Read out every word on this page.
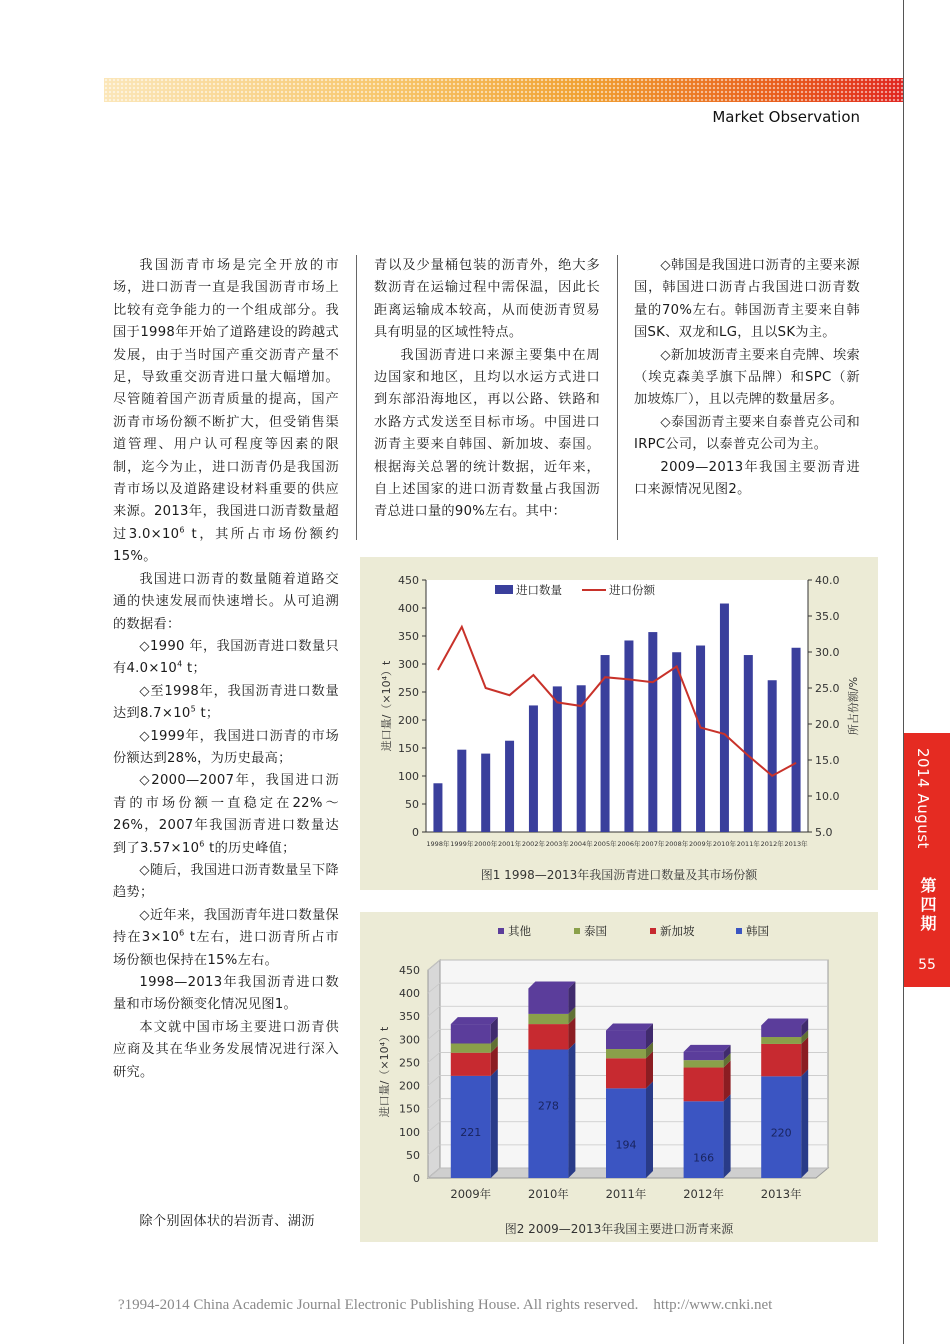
Market Observation

我国沥青市场是完全开放的市场，进口沥青一直是我国沥青市场上比较有竞争能力的一个组成部分。我国于1998年开始了道路建设的跨越式发展，由于当时国产重交沥青产量不足，导致重交沥青进口量大幅增加。尽管随着国产沥青质量的提高，国产沥青市场份额不断扩大，但受销售渠道管理、用户认可程度等因素的限制，迄今为止，进口沥青仍是我国沥青市场以及道路建设材料重要的供应来源。2013年，我国进口沥青数量超过$3.0\times 10^6$ t，其所占市场份额约15%。

我国进口沥青的数量随着道路交通的快速发展而快速增长。从可追溯的数据看：

◇1990 年，我国沥青进口数量只有$4.0\times 10^4$ t；

◇至1998年，我国沥青进口数量达到$8.7\times 10^5$ t；

◇1999年，我国进口沥青的市场份额达到28%，为历史最高；

◇2000—2007年，我国进口沥青的市场份额一直稳定在22%～26%，2007年我国沥青进口数量达到了$3.57\times 10^6$ t的历史峰值；

◇随后，我国进口沥青数量呈下降趋势；

◇近年来，我国沥青年进口数量保持在$3\times 10^6$ t左右，进口沥青所占市场份额也保持在15%左右。

1998—2013年我国沥青进口数量和市场份额变化情况见图1。

本文就中国市场主要进口沥青供应商及其在华业务发展情况进行深入研究。

除个别固体状的岩沥青、湖沥

青以及少量桶包装的沥青外，绝大多数沥青在运输过程中需保温，因此长距离运输成本较高，从而使沥青贸易具有明显的区域性特点。

我国沥青进口来源主要集中在周边国家和地区，且均以水运方式进口到东部沿海地区，再以公路、铁路和水路方式发送至目标市场。中国进口沥青主要来自韩国、新加坡、泰国。根据海关总署的统计数据，近年来，自上述国家的进口沥青数量占我国沥青总进口量的90%左右。其中：

◇韩国是我国进口沥青的主要来源国，韩国进口沥青占我国进口沥青数量的70%左右。韩国沥青主要来自韩国SK、双龙和LG，且以SK为主。

◇新加坡沥青主要来自壳牌、埃索（埃克森美孚旗下品牌）和SPC（新加坡炼厂），且以壳牌的数量居多。

◇泰国沥青主要来自泰普克公司和IRPC公司，以泰普克公司为主。

2009—2013年我国主要沥青进口来源情况见图2。

0
50
100
150
200
250
300
350
400
450
5.0
10.0
15.0
20.0
25.0
30.0
35.0
40.0
1998年 1999年 2000年 2001年 2002年 2003年 2004年 2005年 2006年 2007年 2008年 2009年 2010年 2011年 2012年 2013年
进口数量	进口份额
进口量/（×10⁴）t	所占份额/%
图1 1998—2013年我国沥青进口数量及其市场份额
0
50
100
150
200
250
300
350
400
450
221
2009年
278
2010年
194
2011年
166
2012年
220
2013年
其他	泰国	新加坡	韩国
进口量/（×10⁴）t
图2 2009—2013年我国主要进口沥青来源
2014 August
第四期
55
?1994-2014 China Academic Journal Electronic Publishing House. All rights reserved.    http://www.cnki.net
